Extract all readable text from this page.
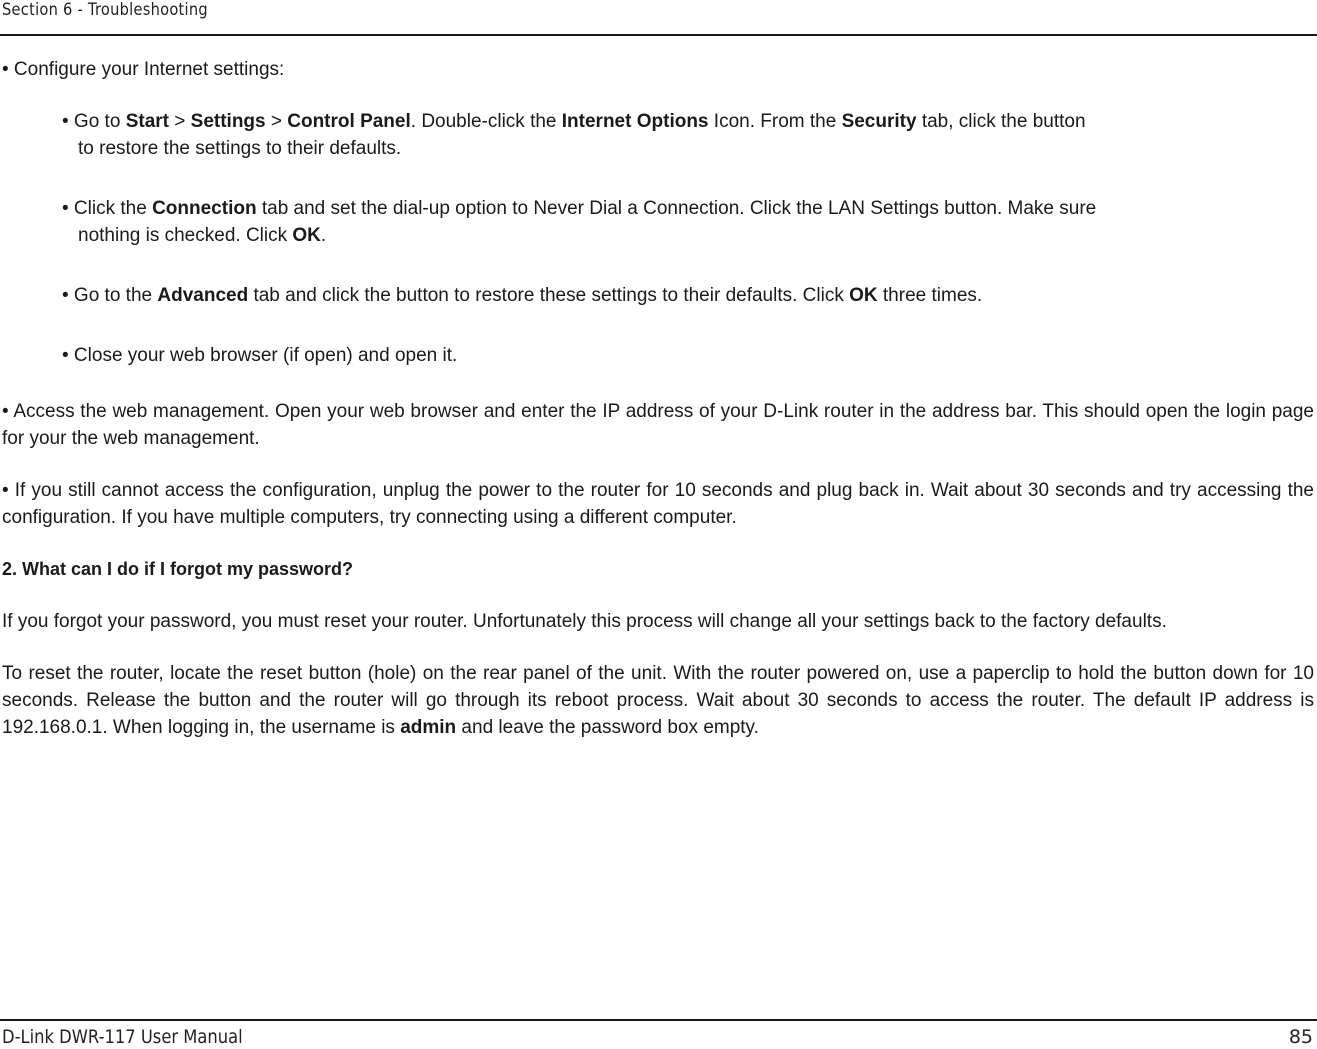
Section 6 - Troubleshooting
• Configure your Internet settings:
• Go to Start > Settings > Control Panel. Double-click the Internet Options Icon. From the Security tab, click the button
to restore the settings to their defaults.
• Click the Connection tab and set the dial-up option to Never Dial a Connection. Click the LAN Settings button. Make sure
nothing is checked. Click OK.
• Go to the Advanced tab and click the button to restore these settings to their defaults. Click OK three times.
• Close your web browser (if open) and open it.
• Access the web management. Open your web browser and enter the IP address of your D-Link router in the address bar. This should open the login page for your the web management.
• If you still cannot access the configuration, unplug the power to the router for 10 seconds and plug back in. Wait about 30 seconds and try accessing the configuration. If you have multiple computers, try connecting using a different computer.
2. What can I do if I forgot my password?
If you forgot your password, you must reset your router. Unfortunately this process will change all your settings back to the factory defaults.
To reset the router, locate the reset button (hole) on the rear panel of the unit. With the router powered on, use a paperclip to hold the button down for 10 seconds. Release the button and the router will go through its reboot process. Wait about 30 seconds to access the router. The default IP address is 192.168.0.1. When logging in, the username is admin and leave the password box empty.
D-Link DWR-117 User Manual	85
